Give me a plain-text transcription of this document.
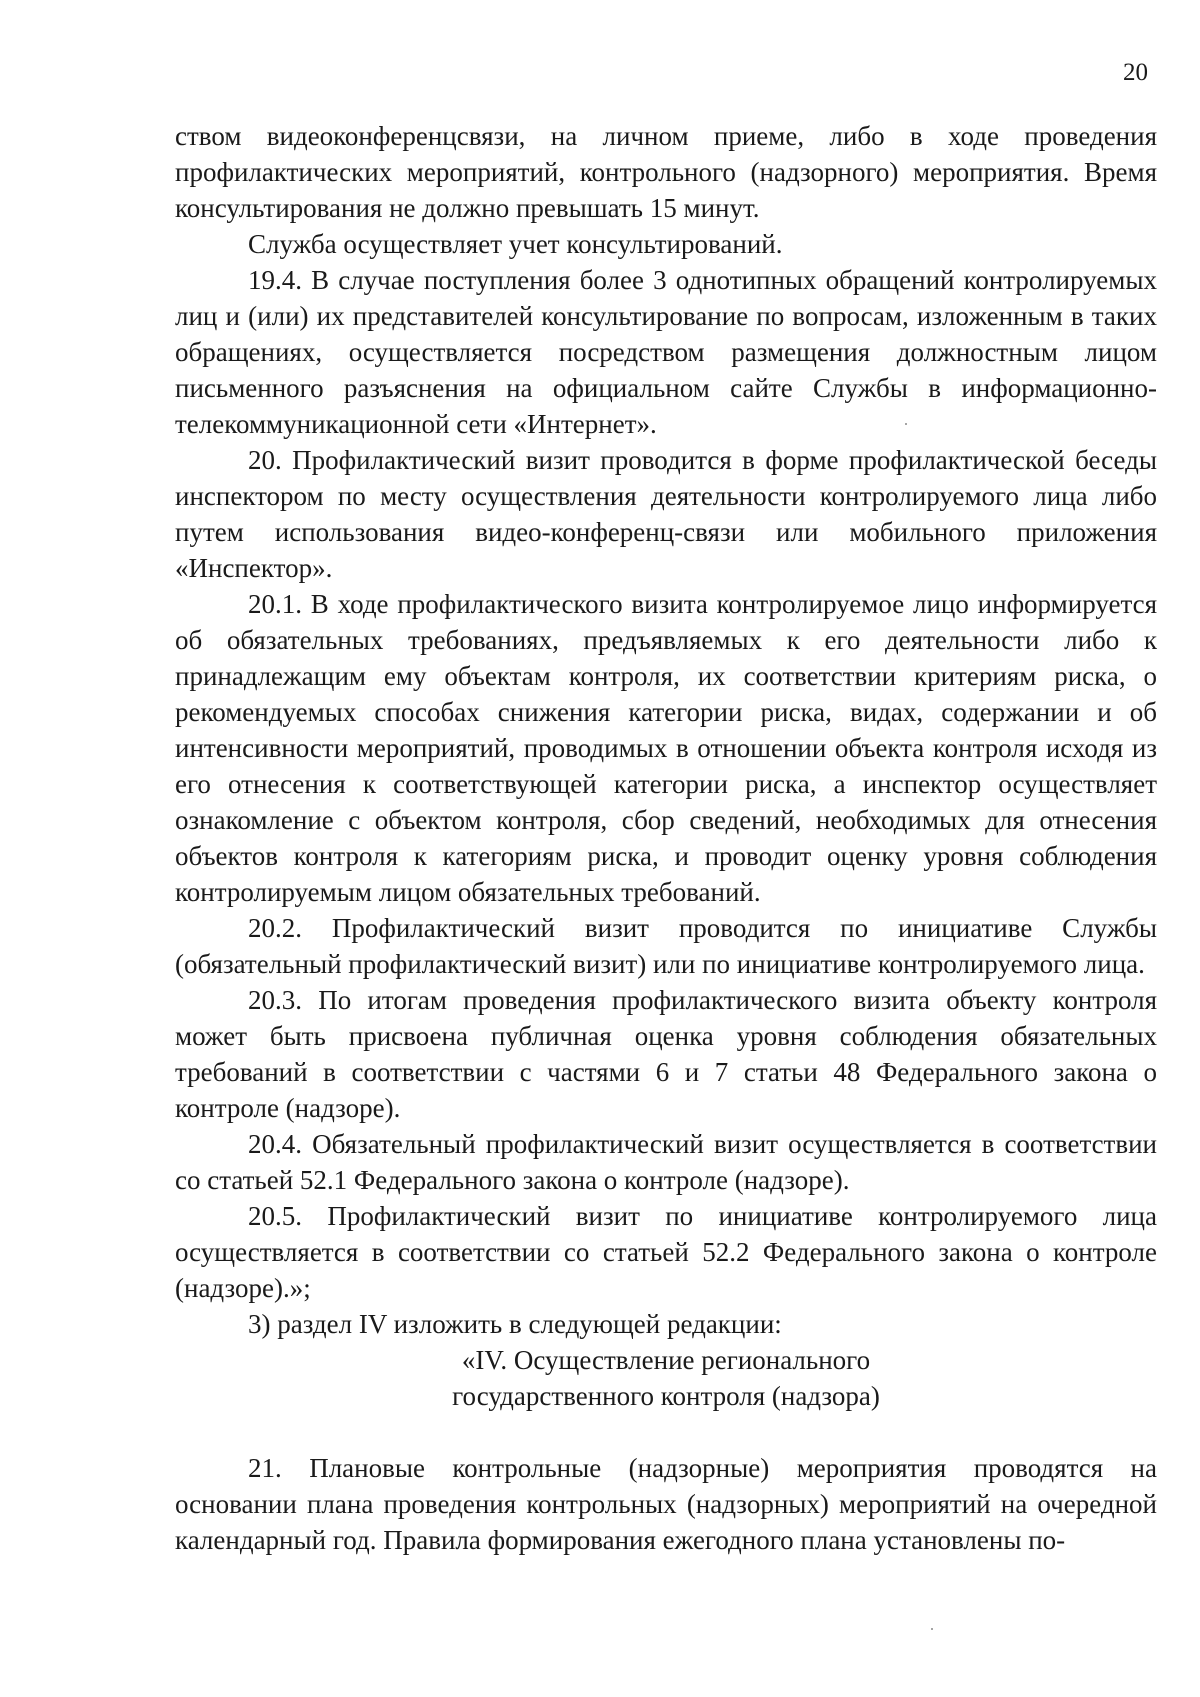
20

ством видеоконференцсвязи, на личном приеме, либо в ходе проведения профилактических мероприятий, контрольного (надзорного) мероприятия. Время консультирования не должно превышать 15 минут.

Служба осуществляет учет консультирований.

19.4. В случае поступления более 3 однотипных обращений контролируемых лиц и (или) их представителей консультирование по вопросам, изложенным в таких обращениях, осуществляется посредством размещения должностным лицом письменного разъяснения на официальном сайте Службы в информационно-телекоммуникационной сети «Интернет».

20. Профилактический визит проводится в форме профилактической беседы инспектором по месту осуществления деятельности контролируемого лица либо путем использования видео-конференц-связи или мобильного приложения «Инспектор».

20.1. В ходе профилактического визита контролируемое лицо информируется об обязательных требованиях, предъявляемых к его деятельности либо к принадлежащим ему объектам контроля, их соответствии критериям риска, о рекомендуемых способах снижения категории риска, видах, содержании и об интенсивности мероприятий, проводимых в отношении объекта контроля исходя из его отнесения к соответствующей категории риска, а инспектор осуществляет ознакомление с объектом контроля, сбор сведений, необходимых для отнесения объектов контроля к категориям риска, и проводит оценку уровня соблюдения контролируемым лицом обязательных требований.

20.2. Профилактический визит проводится по инициативе Службы (обязательный профилактический визит) или по инициативе контролируемого лица.

20.3. По итогам проведения профилактического визита объекту контроля может быть присвоена публичная оценка уровня соблюдения обязательных требований в соответствии с частями 6 и 7 статьи 48 Федерального закона о контроле (надзоре).

20.4. Обязательный профилактический визит осуществляется в соответствии со статьей 52.1 Федерального закона о контроле (надзоре).

20.5. Профилактический визит по инициативе контролируемого лица осуществляется в соответствии со статьей 52.2 Федерального закона о контроле (надзоре).»;

3) раздел IV изложить в следующей редакции:

«IV. Осуществление регионального

государственного контроля (надзора)

21. Плановые контрольные (надзорные) мероприятия проводятся на основании плана проведения контрольных (надзорных) мероприятий на очередной календарный год. Правила формирования ежегодного плана установлены по-
